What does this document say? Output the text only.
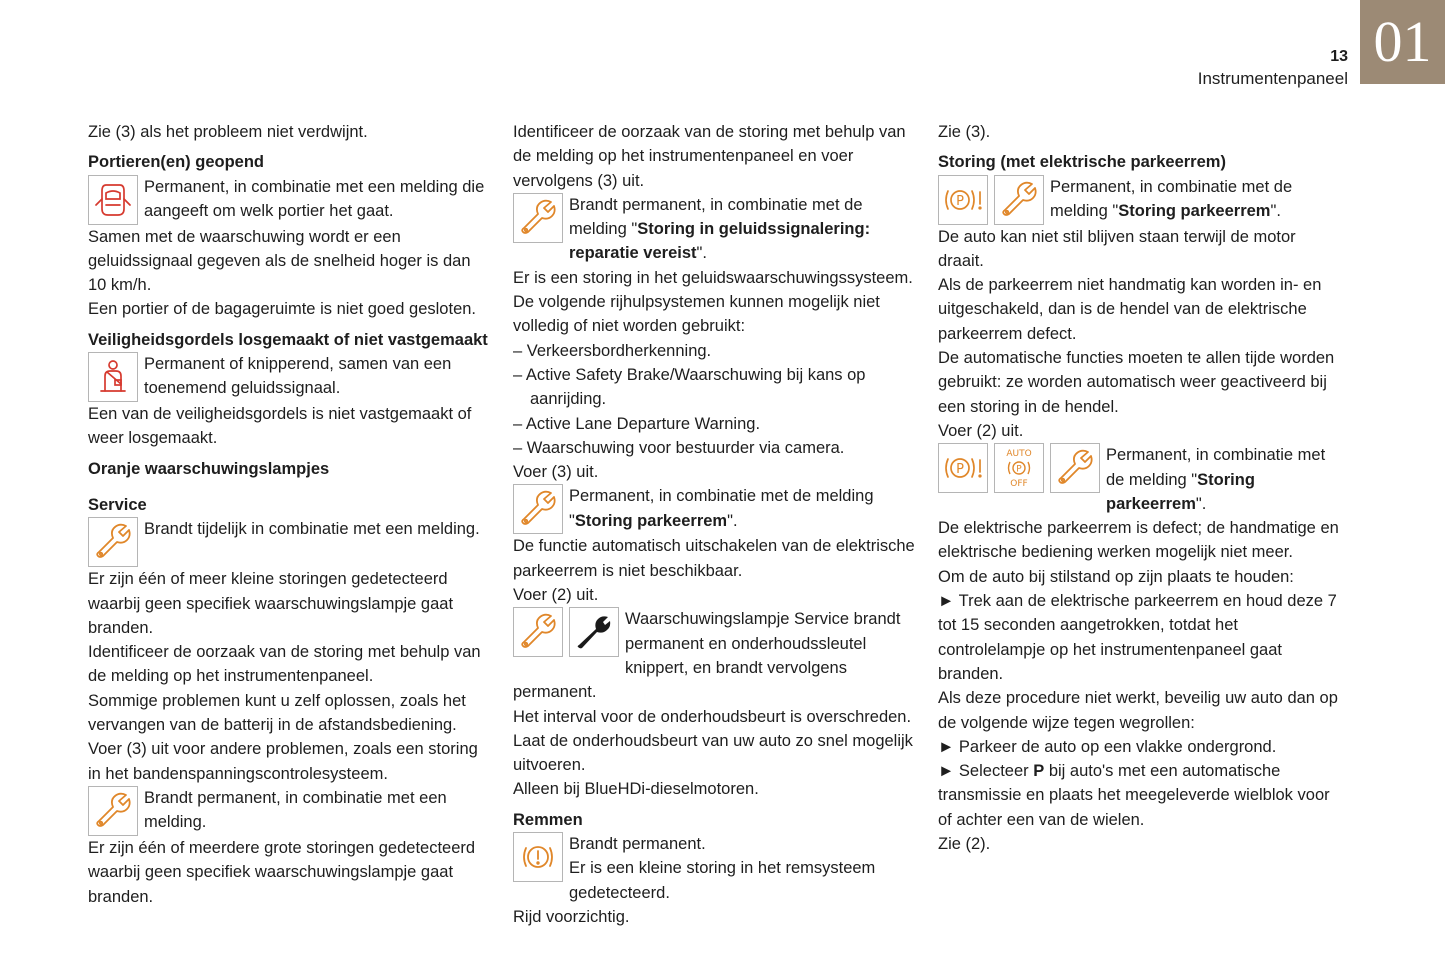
13
Instrumentenpaneel
01

Zie (3) als het probleem niet verdwijnt.

Portieren(en) geopend

Permanent, in combinatie met een melding die aangeeft om welk portier het gaat.

Samen met de waarschuwing wordt er een geluidssignaal gegeven als de snelheid hoger is dan 10 km/h.

Een portier of de bagageruimte is niet goed gesloten.

Veiligheidsgordels losgemaakt of niet vastgemaakt

Permanent of knipperend, samen van een toenemend geluidssignaal.

Een van de veiligheidsgordels is niet vastgemaakt of weer losgemaakt.

Oranje waarschuwingslampjes

Service

Brandt tijdelijk in combinatie met een melding.

Er zijn één of meer kleine storingen gedetecteerd waarbij geen specifiek waarschuwingslampje gaat branden.

Identificeer de oorzaak van de storing met behulp van de melding op het instrumentenpaneel.

Sommige problemen kunt u zelf oplossen, zoals het vervangen van de batterij in de afstandsbediening.

Voer (3) uit voor andere problemen, zoals een storing in het bandenspanningscontrolesysteem.

Brandt permanent, in combinatie met een melding.

Er zijn één of meerdere grote storingen gedetecteerd waarbij geen specifiek waarschuwingslampje gaat branden.

Identificeer de oorzaak van de storing met behulp van de melding op het instrumentenpaneel en voer vervolgens (3) uit.

Brandt permanent, in combinatie met de melding "Storing in geluidssignalering: reparatie vereist".

Er is een storing in het geluidswaarschuwingssysteem.

De volgende rijhulpsystemen kunnen mogelijk niet volledig of niet worden gebruikt:

– Verkeersbordherkenning.

– Active Safety Brake/Waarschuwing bij kans op aanrijding.

– Active Lane Departure Warning.

– Waarschuwing voor bestuurder via camera.

Voer (3) uit.

Permanent, in combinatie met de melding "Storing parkeerrem".

De functie automatisch uitschakelen van de elektrische parkeerrem is niet beschikbaar.

Voer (2) uit.

Waarschuwingslampje Service brandt permanent en onderhoudssleutel knippert, en brandt vervolgens permanent.

Het interval voor de onderhoudsbeurt is overschreden.

Laat de onderhoudsbeurt van uw auto zo snel mogelijk uitvoeren.

Alleen bij BlueHDi-dieselmotoren.

Remmen

Brandt permanent.

Er is een kleine storing in het remsysteem gedetecteerd.

Rijd voorzichtig.

Zie (3).

Storing (met elektrische parkeerrem)

P

Permanent, in combinatie met de melding "Storing parkeerrem".

De auto kan niet stil blijven staan terwijl de motor draait.

Als de parkeerrem niet handmatig kan worden in- en uitgeschakeld, dan is de hendel van de elektrische parkeerrem defect.

De automatische functies moeten te allen tijde worden gebruikt: ze worden automatisch weer geactiveerd bij een storing in de hendel.

Voer (2) uit.

P
AUTO
P
OFF

Permanent, in combinatie met de melding "Storing parkeerrem".

De elektrische parkeerrem is defect; de handmatige en elektrische bediening werken mogelijk niet meer.

Om de auto bij stilstand op zijn plaats te houden:

► Trek aan de elektrische parkeerrem en houd deze 7 tot 15 seconden aangetrokken, totdat het controlelampje op het instrumentenpaneel gaat branden.

Als deze procedure niet werkt, beveilig uw auto dan op de volgende wijze tegen wegrollen:

► Parkeer de auto op een vlakke ondergrond.

► Selecteer P bij auto's met een automatische transmissie en plaats het meegeleverde wielblok voor of achter een van de wielen.

Zie (2).
